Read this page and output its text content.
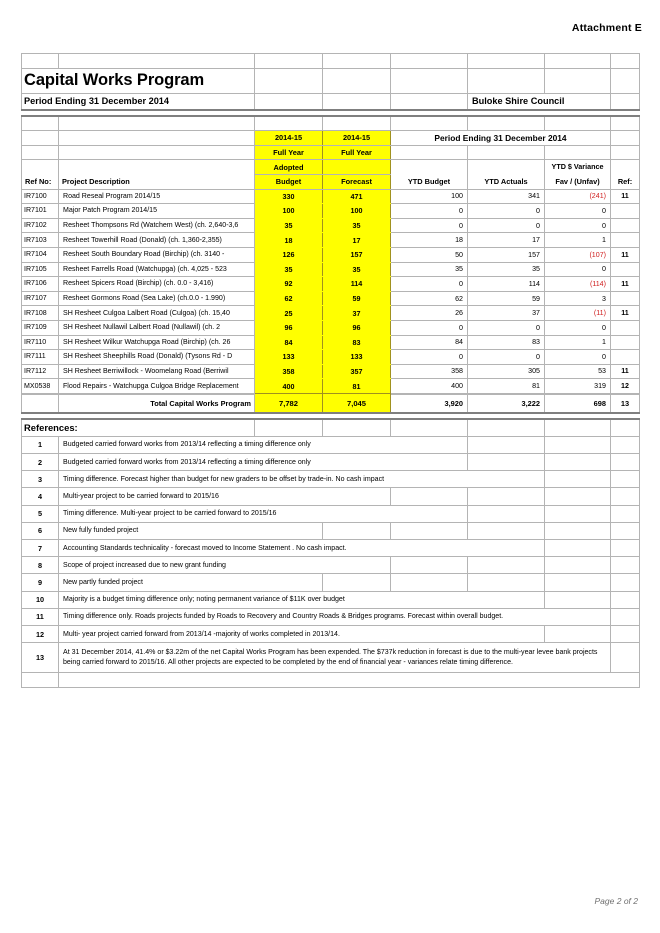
Attachment E

Capital Works Program							
Period Ending 31 December 2014					Buloke Shire Council		

		2014-15	2014-15	Period Ending 31 December 2014			
		Full Year	Full Year				
		Adopted				YTD $ Variance	
Ref No:	Project Description	Budget	Forecast	YTD Budget	YTD Actuals	Fav / (Unfav)	Ref:
IR7100	Road Reseal Program 2014/15	330	471	100	341	(241)	11
IR7101	Major Patch Program 2014/15	100	100	0	0	0	
IR7102	Resheet Thompsons Rd (Watchem West) (ch. 2,640-3,6	35	35	0	0	0	
IR7103	Resheet Towerhill Road (Donald) (ch. 1,360-2,355)	18	17	18	17	1	
IR7104	Resheet South Boundary Road (Birchip) (ch. 3140 -	126	157	50	157	(107)	11
IR7105	Resheet Farrells Road (Watchupga) (ch. 4,025 - 523	35	35	35	35	0	
IR7106	Resheet Spicers Road (Birchip) (ch. 0.0 - 3,416)	92	114	0	114	(114)	11
IR7107	Resheet Gormons Road (Sea Lake) (ch.0.0 - 1.990)	62	59	62	59	3	
IR7108	SH Resheet Culgoa Lalbert Road (Culgoa) (ch. 15,40	25	37	26	37	(11)	11
IR7109	SH Resheet Nullawil Lalbert Road (Nullawil) (ch. 2	96	96	0	0	0	
IR7110	SH Resheet Wilkur Watchupga Road (Birchip) (ch. 26	84	83	84	83	1	
IR7111	SH Resheet Sheephills Road (Donald) (Tysons Rd - D	133	133	0	0	0	
IR7112	SH Resheet Berriwillock - Woomelang Road (Berriwil	358	357	358	305	53	11
MX0538	Flood Repairs - Watchupga Culgoa Bridge Replacement	400	81	400	81	319	12
	Total Capital Works Program	7,782	7,045	3,920	3,222	698	13

References:							
1	Budgeted carried forward works from 2013/14 reflecting a timing difference only						
2	Budgeted carried forward works from 2013/14 reflecting a timing difference only						
3	Timing difference. Forecast higher than budget for new graders to be offset by trade-in. No cash impact						
4	Multi-year project to be carried forward to 2015/16						
5	Timing difference. Multi-year project to be carried forward to 2015/16						
6	New fully funded project						
7	Accounting Standards technicality - forecast moved to Income Statement . No cash impact.						
8	Scope of project increased due to new grant funding						
9	New partly funded project						
10	Majority is a budget timing difference only; noting permanent variance of $11K over budget						
11	Timing difference only. Roads projects funded by Roads to Recovery and Country Roads & Bridges programs. Forecast within overall budget.						
12	Multi- year project carried forward from 2013/14 -majority of works completed in 2013/14.						
13	At 31 December 2014, 41.4% or $3.22m of the net Capital Works Program has been expended. The $737k reduction in forecast is due to the multi-year levee bank projects being carried forward to 2015/16. All other projects are expected to be completed by the end of financial year - variances relate timing difference.						

Page 2 of 2
